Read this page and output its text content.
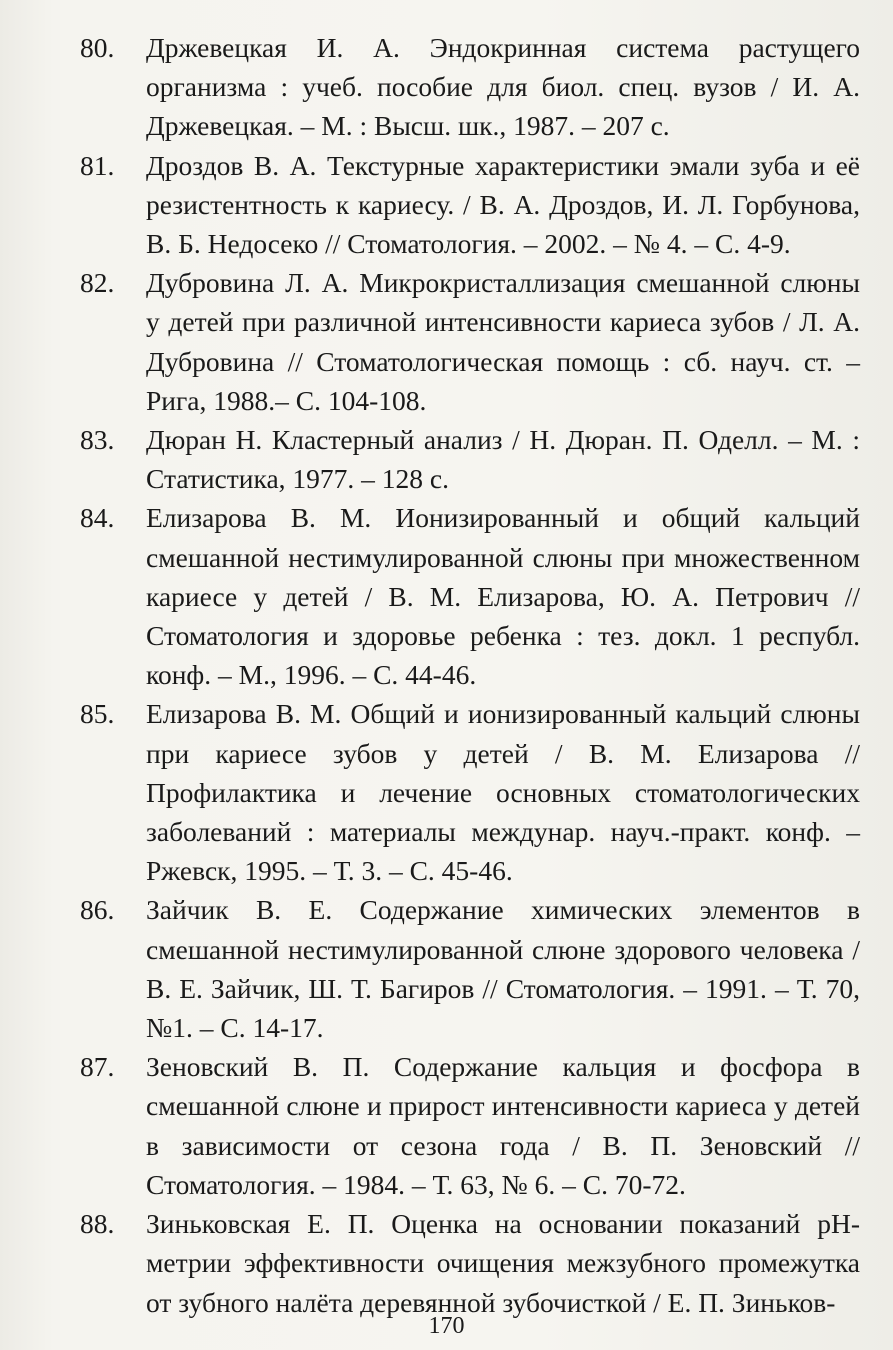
80.	Држевецкая И. А. Эндокринная система растущего организма : учеб. пособие для биол. спец. вузов / И. А. Држевецкая. – М. : Высш. шк., 1987. – 207 с.
81.	Дроздов В. А. Текстурные характеристики эмали зуба и её резистентность к кариесу. / В. А. Дроздов, И. Л. Горбунова, В. Б. Недосеко // Стоматология. – 2002. – № 4. – С. 4-9.
82.	Дубровина Л. А. Микрокристаллизация смешанной слюны у детей при различной интенсивности кариеса зубов / Л. А. Дубровина // Стоматологическая помощь : сб. науч. ст. – Рига, 1988.– С. 104-108.
83.	Дюран Н. Кластерный анализ / Н. Дюран. П. Оделл. – М. : Статистика, 1977. – 128 с.
84.	Елизарова В. М. Ионизированный и общий кальций смешанной нестимулированной слюны при множественном кариесе у детей / В. М. Елизарова, Ю. А. Петрович // Стоматология и здоровье ребенка : тез. докл. 1 республ. конф. – М., 1996. – С. 44-46.
85.	Елизарова В. М. Общий и ионизированный кальций слюны при кариесе зубов у детей / В. М. Елизарова // Профилактика и лечение основных стоматологических заболеваний : материалы междунар. науч.-практ. конф. – Ржевск, 1995. – Т. 3. – С. 45-46.
86.	Зайчик В. Е. Содержание химических элементов в смешанной нестимулированной слюне здорового человека / В. Е. Зайчик, Ш. Т. Багиров // Стоматология. – 1991. – Т. 70, №1. – С. 14-17.
87.	Зеновский В. П. Содержание кальция и фосфора в смешанной слюне и прирост интенсивности кариеса у детей в зависимости от сезона года / В. П. Зеновский // Стоматология. – 1984. – Т. 63, № 6. – С. 70-72.
88.	Зиньковская Е. П. Оценка на основании показаний рН-метрии эффективности очищения межзубного промежутка от зубного налёта деревянной зубочисткой / Е. П. Зиньков-
170
